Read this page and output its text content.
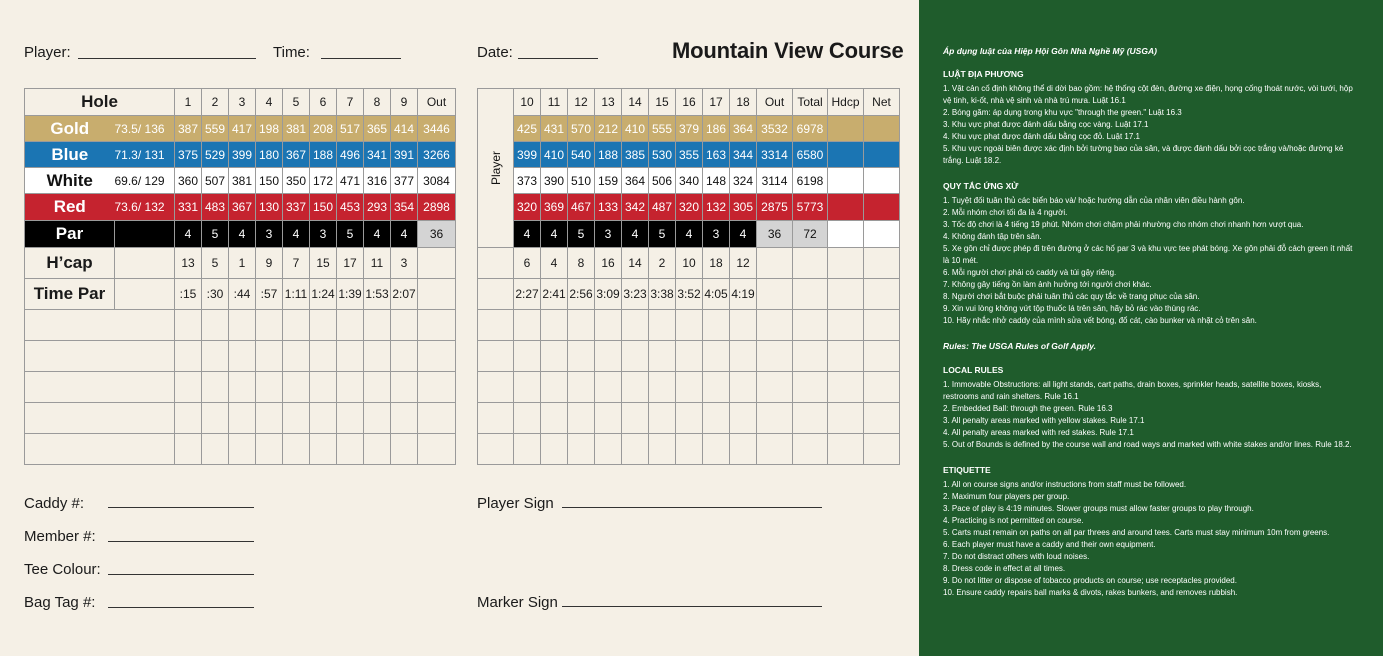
Player:	Time:	Date:	Mountain View Course
Hole		1	2	3	4	5	6	7	8	9	Out
Gold	73.5/ 136	387	559	417	198	381	208	517	365	414	3446
Blue	71.3/ 131	375	529	399	180	367	188	496	341	391	3266
White	69.6/ 129	360	507	381	150	350	172	471	316	377	3084
Red	73.6/ 132	331	483	367	130	337	150	453	293	354	2898
Par		4	5	4	3	4	3	5	4	4	36
H’cap		13	5	1	9	7	15	17	11	3	
Time Par		:15	:30	:44	:57	1:11	1:24	1:39	1:53	2:07	

Player	10	11	12	13	14	15	16	17	18	Out	Total	Hdcp	Net
	425	431	570	212	410	555	379	186	364	3532	6978		
	399	410	540	188	385	530	355	163	344	3314	6580		
	373	390	510	159	364	506	340	148	324	3114	6198		
	320	369	467	133	342	487	320	132	305	2875	5773		
	4	4	5	3	4	5	4	3	4	36	72		
	6	4	8	16	14	2	10	18	12				
	2:27	2:41	2:56	3:09	3:23	3:38	3:52	4:05	4:19				

Caddy #:
Member #:
Tee Colour:
Bag Tag #:
Player Sign
Marker Sign
Áp dụng luật của Hiệp Hội Gôn Nhà Nghề Mỹ (USGA)
LUẬT ĐỊA PHƯƠNG
1. Vật cản cố định không thể di dời bao gồm: hệ thống cột đèn, đường xe điện, họng cống thoát nước, vòi tưới, hộp vệ tinh, ki-ốt, nhà vệ sinh và nhà trú mưa. Luật 16.1
2. Bóng găm: áp dụng trong khu vực "through the green." Luật 16.3
3. Khu vực phạt được đánh dấu bằng cọc vàng. Luật 17.1
4. Khu vực phạt được đánh dấu bằng cọc đỏ. Luật 17.1
5. Khu vực ngoài biên được xác định bởi tường bao của sân, và được đánh dấu bởi cọc trắng và/hoặc đường kẻ trắng. Luật 18.2.
QUY TẮC ỨNG XỬ
1. Tuyệt đối tuân thủ các biển báo và/ hoặc hướng dẫn của nhân viên điều hành gôn.
2. Mỗi nhóm chơi tối đa là 4 người.
3. Tốc độ chơi là 4 tiếng 19 phút. Nhóm chơi chậm phải nhường cho nhóm chơi nhanh hơn vượt qua.
4. Không đánh tập trên sân.
5. Xe gôn chỉ được phép đi trên đường ở các hố par 3 và khu vực tee phát bóng. Xe gôn phải đỗ cách green ít nhất là 10 mét.
6. Mỗi người chơi phải có caddy và túi gậy riêng.
7. Không gây tiếng ồn làm ảnh hưởng tới người chơi khác.
8. Người chơi bắt buộc phải tuân thủ các quy tắc về trang phục của sân.
9. Xin vui lòng không vứt tộp thuốc lá trên sân, hãy bỏ rác vào thùng rác.
10. Hãy nhắc nhở caddy của mình sửa vết bóng, đổ cát, cào bunker và nhặt cỏ trên sân.
Rules: The USGA Rules of Golf Apply.
LOCAL RULES
1. Immovable Obstructions: all light stands, cart paths, drain boxes, sprinkler heads, satellite boxes, kiosks, restrooms and rain shelters. Rule 16.1
2. Embedded Ball: through the green. Rule 16.3
3. All penalty areas marked with yellow stakes. Rule 17.1
4. All penalty areas marked with red stakes. Rule 17.1
5. Out of Bounds is defined by the course wall and road ways and marked with white stakes and/or lines. Rule 18.2.
ETIQUETTE
1. All on course signs and/or instructions from staff must be followed.
2. Maximum four players per group.
3. Pace of play is 4:19 minutes. Slower groups must allow faster groups to play through.
4. Practicing is not permitted on course.
5. Carts must remain on paths on all par threes and around tees. Carts must stay minimum 10m from greens.
6. Each player must have a caddy and their own equipment.
7. Do not distract others with loud noises.
8. Dress code in effect at all times.
9. Do not litter or dispose of tobacco products on course; use receptacles provided.
10. Ensure caddy repairs ball marks & divots, rakes bunkers, and removes rubbish.
